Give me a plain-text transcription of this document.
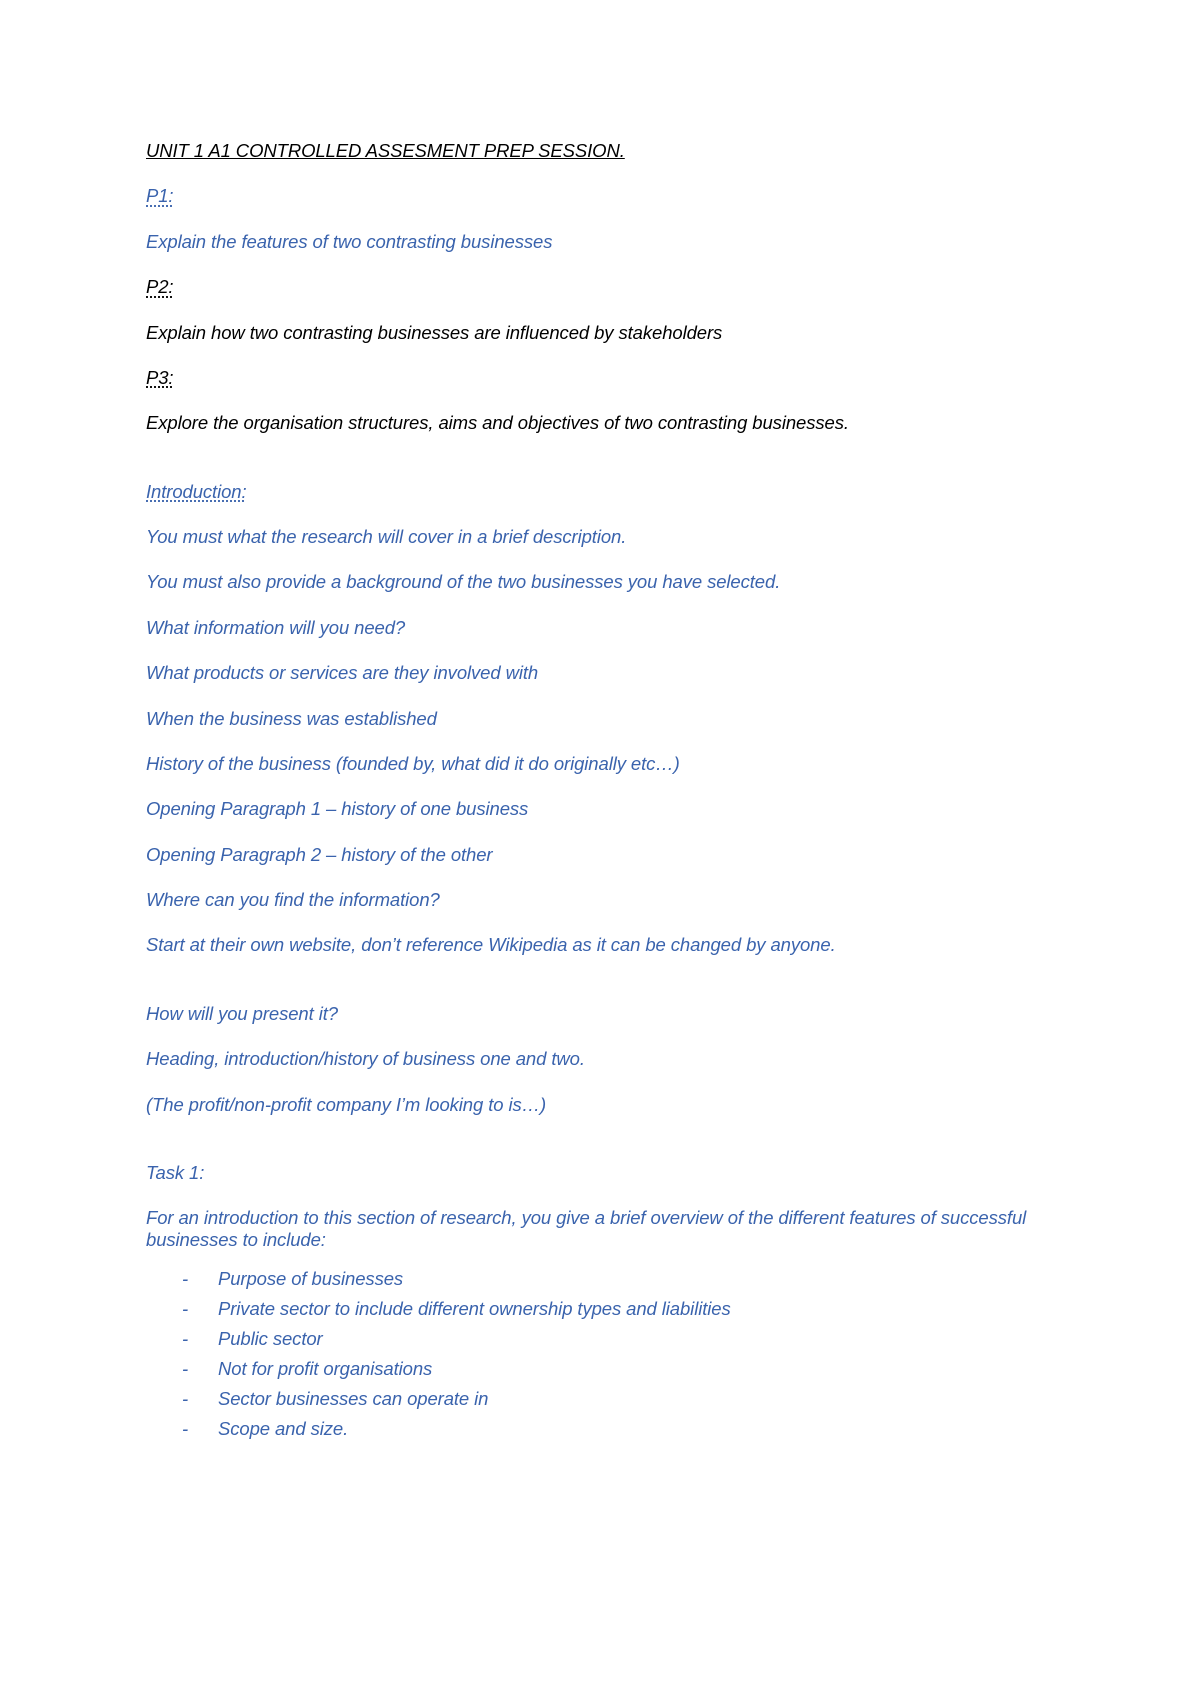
UNIT 1 A1 CONTROLLED ASSESMENT PREP SESSION.
P1:
Explain the features of two contrasting businesses
P2:
Explain how two contrasting businesses are influenced by stakeholders
P3:
Explore the organisation structures, aims and objectives of two contrasting businesses.
Introduction:
You must what the research will cover in a brief description.
You must also provide a background of the two businesses you have selected.
What information will you need?
What products or services are they involved with
When the business was established
History of the business (founded by, what did it do originally etc…)
Opening Paragraph 1 – history of one business
Opening Paragraph 2 – history of the other
Where can you find the information?
Start at their own website, don’t reference Wikipedia as it can be changed by anyone.
How will you present it?
Heading, introduction/history of business one and two.
(The profit/non-profit company I’m looking to is…)
Task 1:
For an introduction to this section of research, you give a brief overview of the different features of successful businesses to include:
-	Purpose of businesses
-	Private sector to include different ownership types and liabilities
-	Public sector
-	Not for profit organisations
-	Sector businesses can operate in
-	Scope and size.
